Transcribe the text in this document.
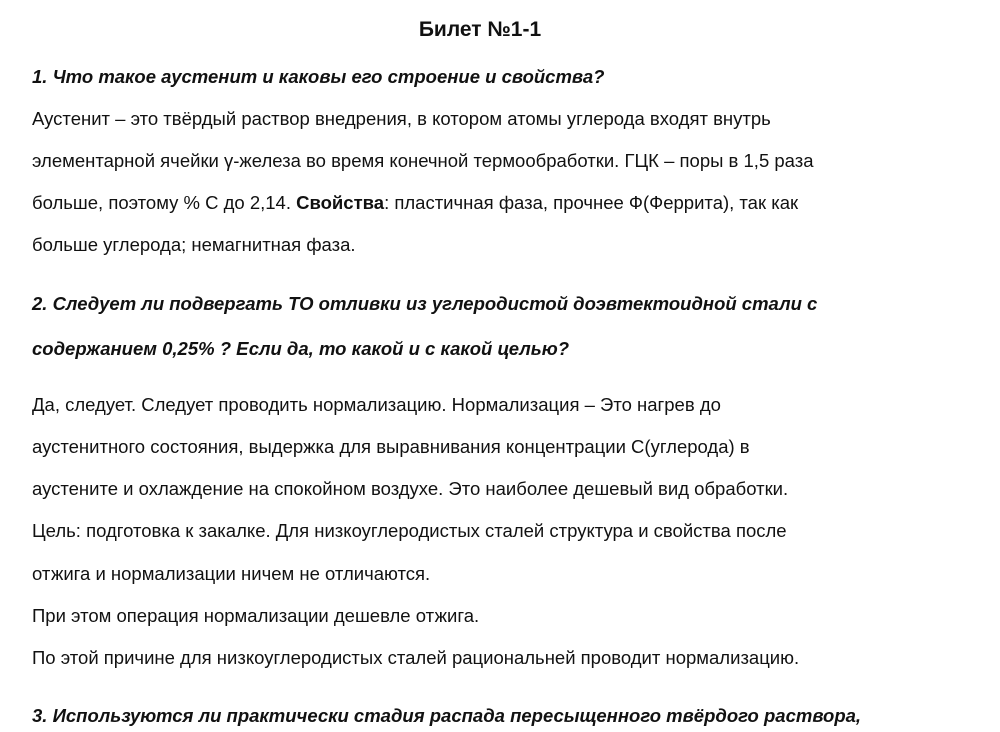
Билет №1-1
1. Что такое аустенит и каковы его строение и свойства?
Аустенит – это твёрдый раствор внедрения, в котором атомы углерода входят внутрь
элементарной ячейки γ-железа во время конечной термообработки. ГЦК – поры в 1,5 раза
больше, поэтому % С до 2,14. Свойства: пластичная фаза, прочнее Ф(Феррита), так как
больше углерода; немагнитная фаза.
2. Следует ли подвергать ТО отливки из углеродистой доэвтектоидной стали с
содержанием 0,25% ? Если да, то какой и с какой целью?
Да, следует. Следует проводить нормализацию. Нормализация – Это нагрев до
аустенитного состояния, выдержка для выравнивания концентрации С(углерода) в
аустените и охлаждение на спокойном воздухе. Это наиболее дешевый вид обработки.
Цель: подготовка к закалке. Для низкоуглеродистых сталей структура и свойства после
отжига и нормализации ничем не отличаются.
При этом операция нормализации дешевле отжига.
По этой причине для низкоуглеродистых сталей рациональней проводит нормализацию.
3. Используются ли практически стадия распада пересыщенного твёрдого раствора,
